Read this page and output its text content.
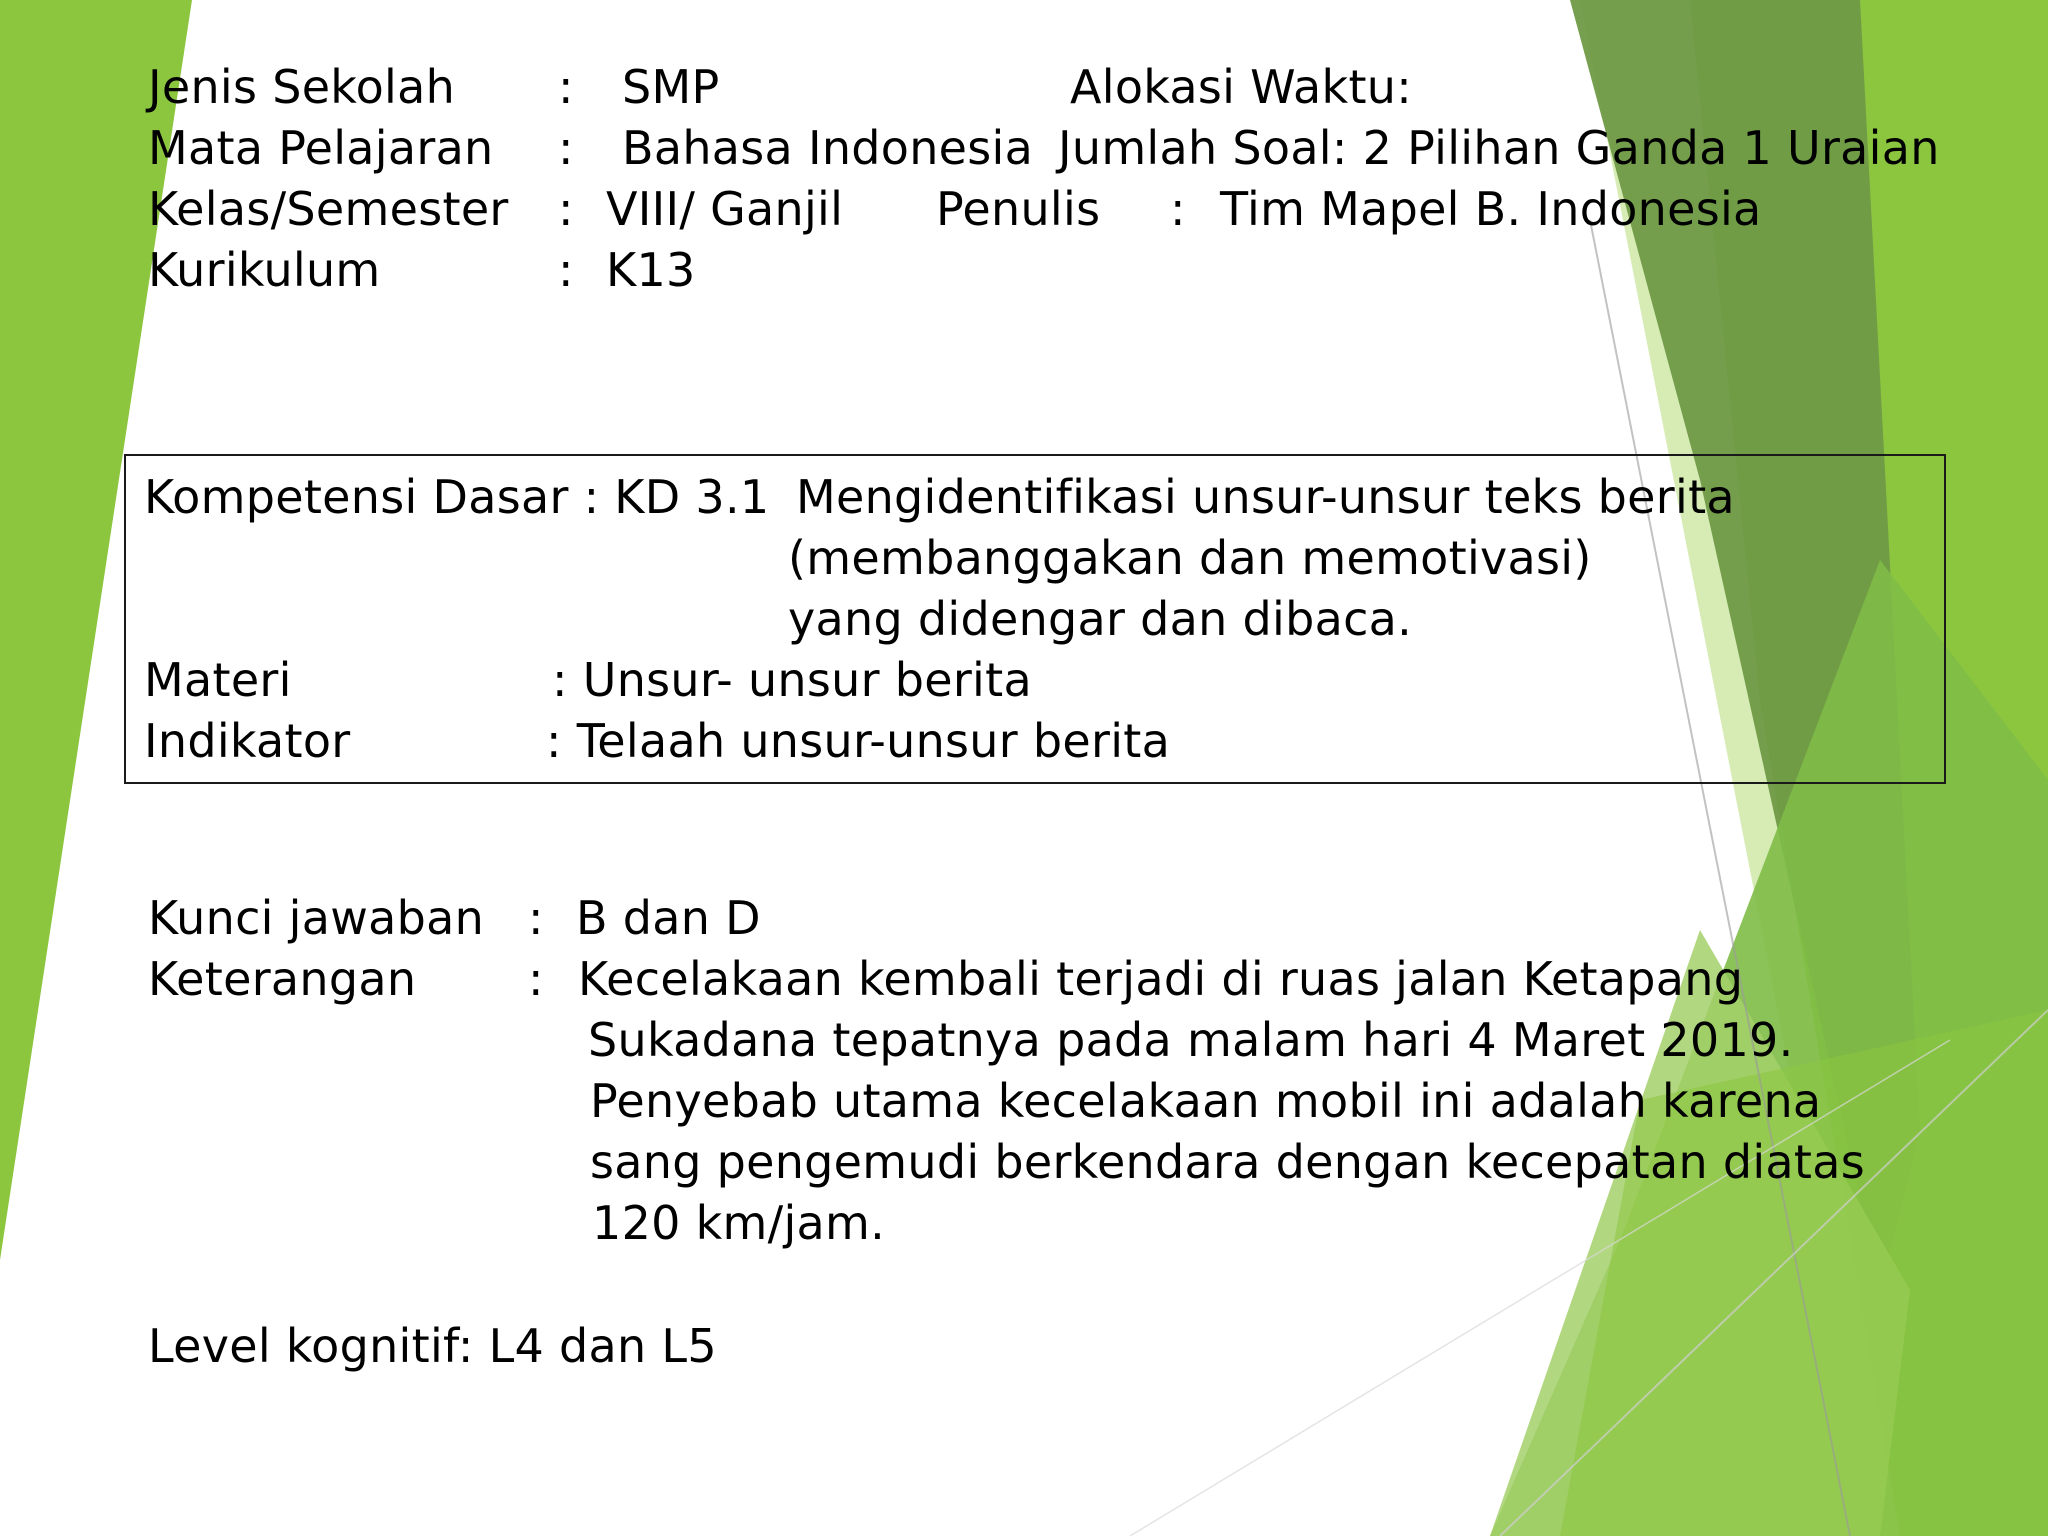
Jenis Sekolah : SMP	Alokasi Waktu:
Mata Pelajaran : Bahasa Indonesia Jumlah Soal: 2 Pilihan Ganda 1 Uraian
Kelas/Semester : VIII/ Ganjil Penulis : Tim Mapel B. Indonesia
Kurikulum	: K13
Kompetensi Dasar : KD 3.1 Mengidentifikasi unsur-unsur teks berita
(membanggakan dan memotivasi)
yang didengar dan dibaca.
Materi	: Unsur- unsur berita
Indikator	: Telaah unsur-unsur berita
Kunci jawaban : B dan D
Keterangan : Kecelakaan kembali terjadi di ruas jalan Ketapang
Sukadana tepatnya pada malam hari 4 Maret 2019.
Penyebab utama kecelakaan mobil ini adalah karena
sang pengemudi berkendara dengan kecepatan diatas
120 km/jam.
Level kognitif: L4 dan L5
